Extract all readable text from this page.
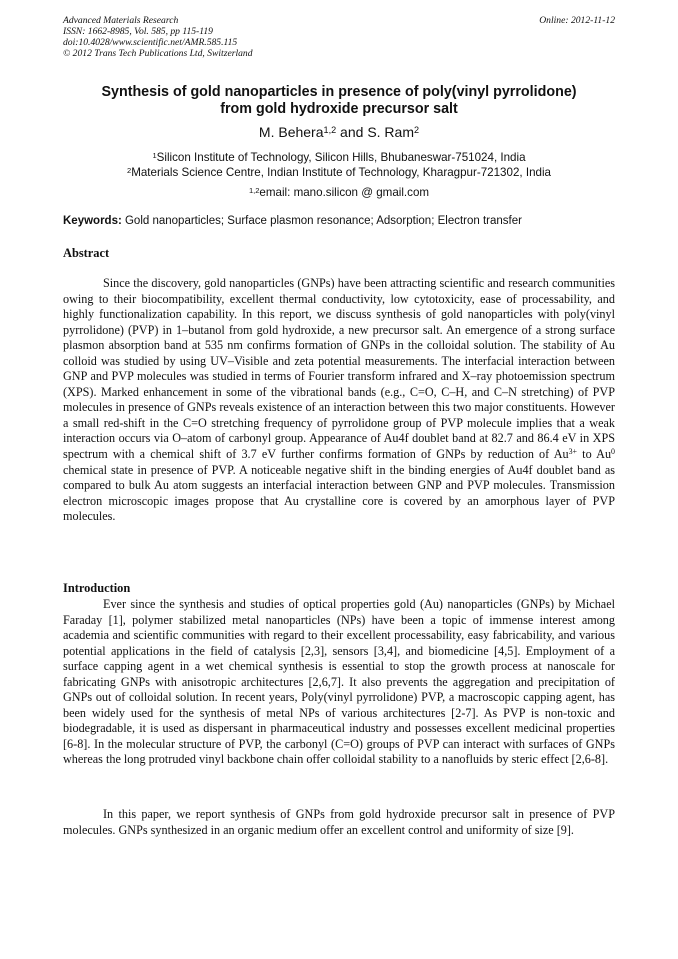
Advanced Materials Research
ISSN: 1662-8985, Vol. 585, pp 115-119
doi:10.4028/www.scientific.net/AMR.585.115
© 2012 Trans Tech Publications Ltd, Switzerland
Online: 2012-11-12
Synthesis of gold nanoparticles in presence of poly(vinyl pyrrolidone)
from gold hydroxide precursor salt
M. Behera$^{1,2}$ and S. Ram$^2$
$^1$Silicon Institute of Technology, Silicon Hills, Bhubaneswar-751024, India
$^2$Materials Science Centre, Indian Institute of Technology, Kharagpur-721302, India
$^{1,2}$email: mano.silicon @ gmail.com
Keywords: Gold nanoparticles; Surface plasmon resonance; Adsorption; Electron transfer
Abstract

Since the discovery, gold nanoparticles (GNPs) have been attracting scientific and research communities owing to their biocompatibility, excellent thermal conductivity, low cytotoxicity, ease of processability, and highly functionalization capability. In this report, we discuss synthesis of gold nanoparticles with poly(vinyl pyrrolidone) (PVP) in 1–butanol from gold hydroxide, a new precursor salt. An emergence of a strong surface plasmon absorption band at 535 nm confirms formation of GNPs in the colloidal solution. The stability of Au colloid was studied by using UV–Visible and zeta potential measurements. The interfacial interaction between GNP and PVP molecules was studied in terms of Fourier transform infrared and X–ray photoemission spectrum (XPS). Marked enhancement in some of the vibrational bands (e.g., C=O, C–H, and C–N stretching) of PVP molecules in presence of GNPs reveals existence of an interaction between this two major constituents. However a small red-shift in the C=O stretching frequency of pyrrolidone group of PVP molecule implies that a weak interaction occurs via O–atom of carbonyl group. Appearance of Au4f doublet band at 82.7 and 86.4 eV in XPS spectrum with a chemical shift of 3.7 eV further confirms formation of GNPs by reduction of $Au^{3+}$ to Au$^0$ chemical state in presence of PVP. A noticeable negative shift in the binding energies of Au4f doublet band as compared to bulk Au atom suggests an interfacial interaction between GNP and PVP molecules. Transmission electron microscopic images propose that Au crystalline core is covered by an amorphous layer of PVP molecules.

Introduction

Ever since the synthesis and studies of optical properties gold (Au) nanoparticles (GNPs) by Michael Faraday [1], polymer stabilized metal nanoparticles (NPs) have been a topic of immense interest among academia and scientific communities with regard to their excellent processability, easy fabricability, and various potential applications in the field of catalysis [2,3], sensors [3,4], and biomedicine [4,5]. Employment of a surface capping agent in a wet chemical synthesis is essential to stop the growth process at nanoscale for fabricating GNPs with anisotropic architectures [2,6,7]. It also prevents the aggregation and precipitation of GNPs out of colloidal solution. In recent years, Poly(vinyl pyrrolidone) PVP, a macroscopic capping agent, has been widely used for the synthesis of metal NPs of various architectures [2-7]. As PVP is non-toxic and biodegradable, it is used as dispersant in pharmaceutical industry and possesses excellent medicinal properties [6-8]. In the molecular structure of PVP, the carbonyl (C=O) groups of PVP can interact with surfaces of GNPs whereas the long protruded vinyl backbone chain offer colloidal stability to a nanofluids by steric effect [2,6-8].

In this paper, we report synthesis of GNPs from gold hydroxide precursor salt in presence of PVP molecules. GNPs synthesized in an organic medium offer an excellent control and uniformity of size [9].
